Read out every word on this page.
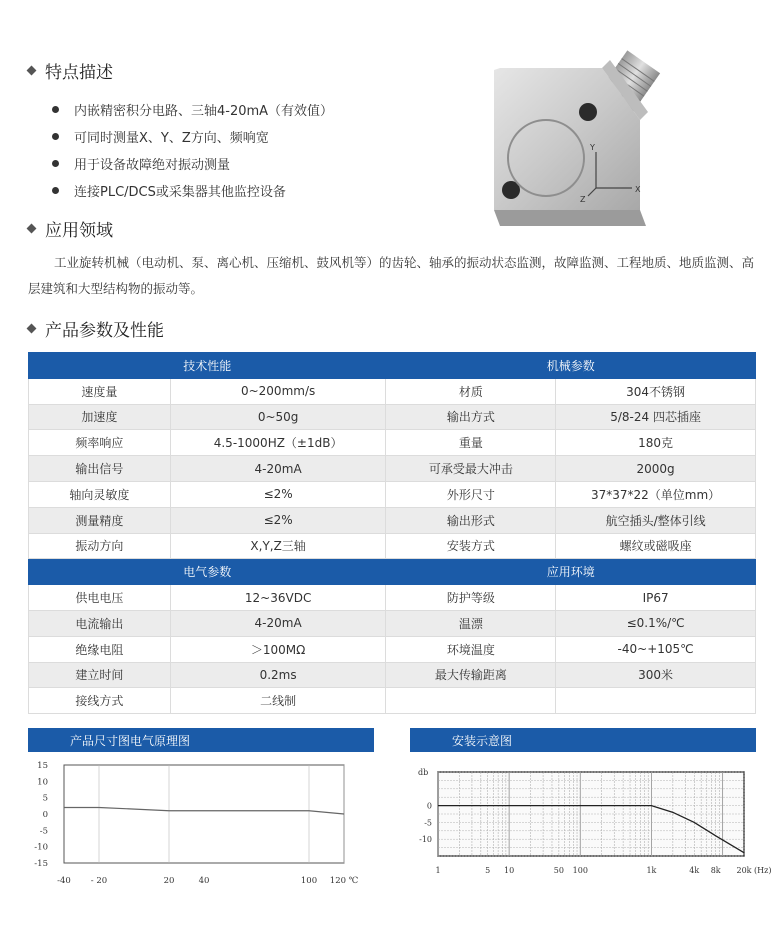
特点描述
内嵌精密积分电路、三轴4-20mA（有效值）
可同时测量X、Y、Z方向、频响宽
用于设备故障绝对振动测量
连接PLC/DCS或采集器其他监控设备
Y
Z
X
应用领域

工业旋转机械（电动机、泵、离心机、压缩机、鼓风机等）的齿轮、轴承的振动状态监测，故障监测、工程地质、地质监测、高层建筑和大型结构物的振动等。

产品参数及性能
技术性能		机械参数	
速度量	0~200mm/s	材质	304不锈钢
加速度	0~50g	输出方式	5/8-24 四芯插座
频率响应	4.5-1000HZ（±1dB）	重量	180克
输出信号	4-20mA	可承受最大冲击	2000g
轴向灵敏度	≤2%	外形尺寸	37*37*22（单位mm）
测量精度	≤2%	输出形式	航空插头/整体引线
振动方向	X,Y,Z三轴	安装方式	螺纹或磁吸座
电气参数		应用环境	
供电电压	12~36VDC	防护等级	IP67
电流输出	4-20mA	温漂	≤0.1%/℃
绝缘电阻	＞100MΩ	环境温度	-40~+105℃
建立时间	0.2ms	最大传输距离	300米
接线方式	二线制		
产品尺寸图电气原理图	安装示意图
15
10
5
0
-5
-10
-15
-40 - 20	20	40	100 120 ℃
db
0
-5
-10
1	5 10	50 100	1k	4k 8k 20k (Hz)
